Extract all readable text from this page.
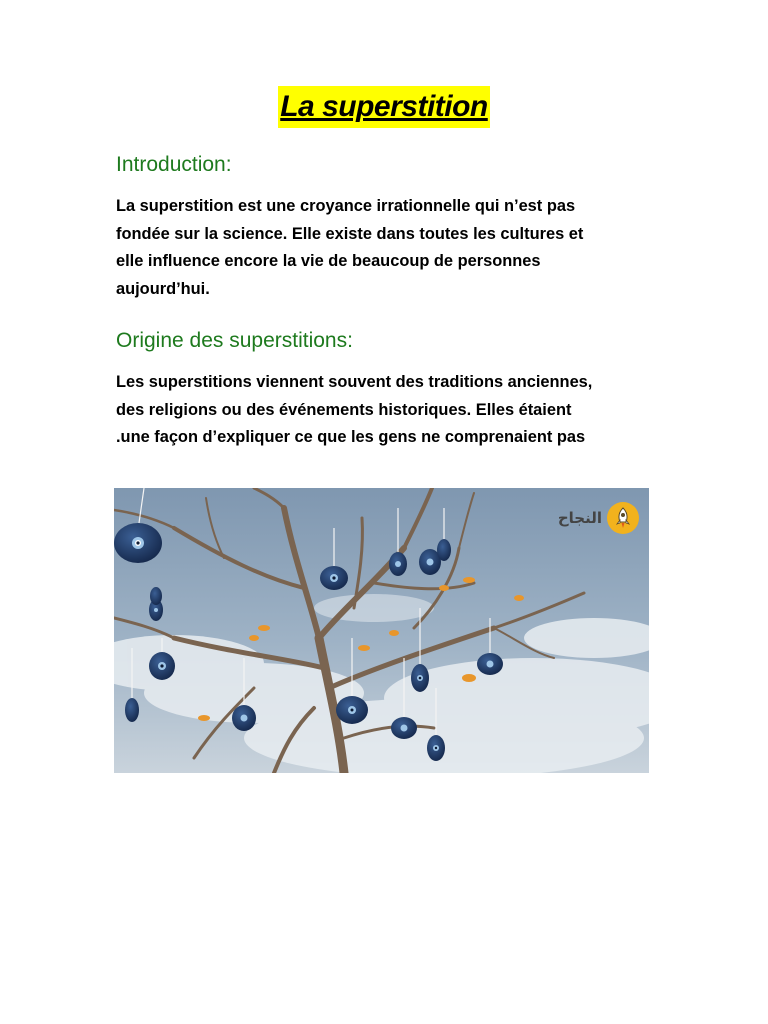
La superstition
Introduction:
La superstition est une croyance irrationnelle qui n’est pas
fondée sur la science. Elle existe dans toutes les cultures et
elle influence encore la vie de beaucoup de personnes
aujourd’hui.
Origine des superstitions:
Les superstitions viennent souvent des traditions anciennes,
des religions ou des événements historiques. Elles étaient
.une façon d’expliquer ce que les gens ne comprenaient pas
النجاح
